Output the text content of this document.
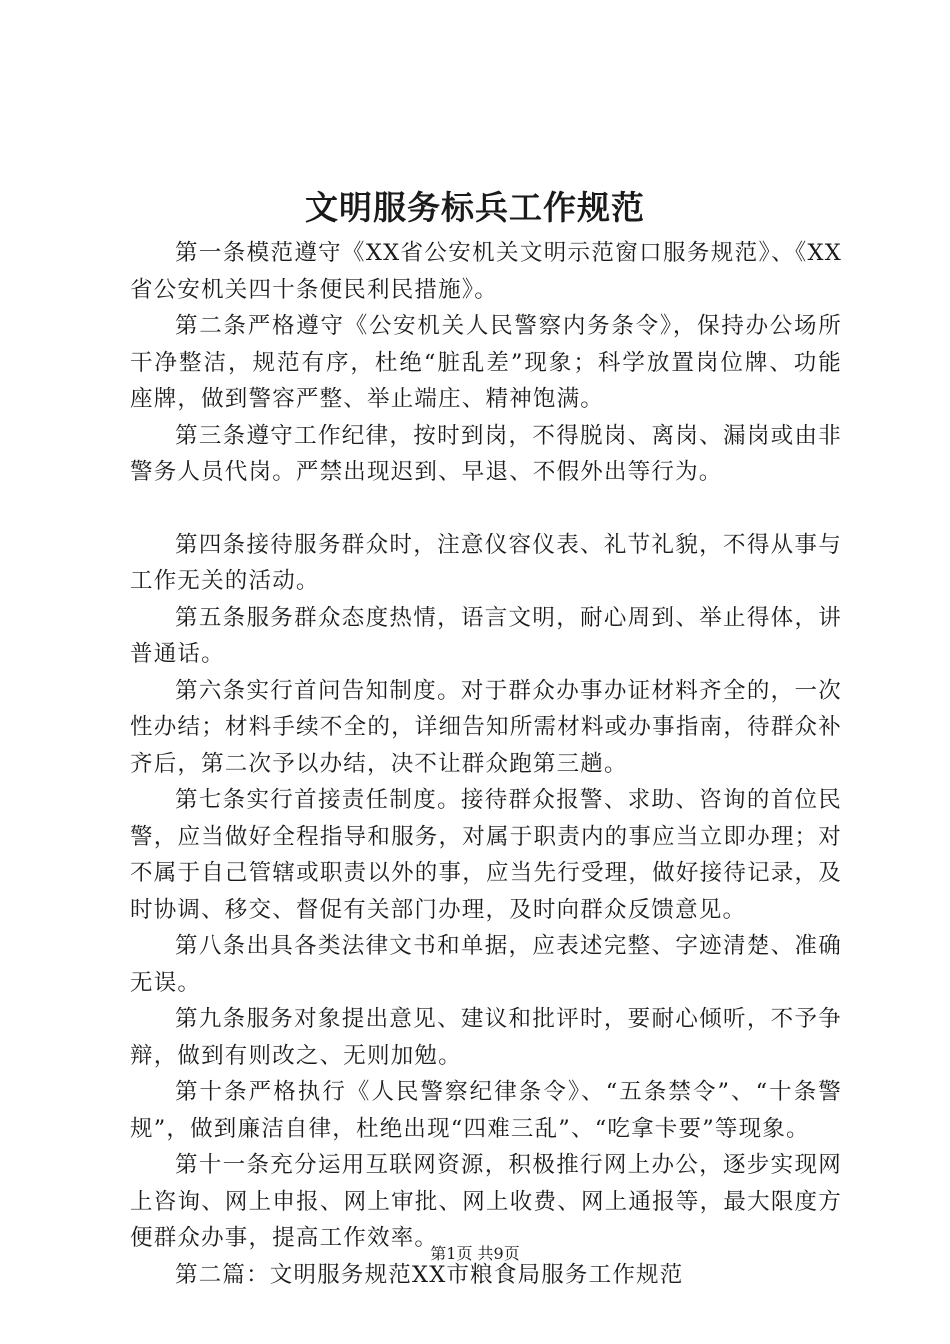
文明服务标兵工作规范

第一条模范遵守《XX省公安机关文明示范窗口服务规范》、《XX省公安机关四十条便民利民措施》。

第二条严格遵守《公安机关人民警察内务条令》，保持办公场所干净整洁，规范有序，杜绝“脏乱差”现象；科学放置岗位牌、功能座牌，做到警容严整、举止端庄、精神饱满。

第三条遵守工作纪律，按时到岗，不得脱岗、离岗、漏岗或由非警务人员代岗。严禁出现迟到、早退、不假外出等行为。

第四条接待服务群众时，注意仪容仪表、礼节礼貌，不得从事与工作无关的活动。

第五条服务群众态度热情，语言文明，耐心周到、举止得体，讲普通话。

第六条实行首问告知制度。对于群众办事办证材料齐全的，一次性办结；材料手续不全的，详细告知所需材料或办事指南，待群众补齐后，第二次予以办结，决不让群众跑第三趟。

第七条实行首接责任制度。接待群众报警、求助、咨询的首位民警，应当做好全程指导和服务，对属于职责内的事应当立即办理；对不属于自己管辖或职责以外的事，应当先行受理，做好接待记录，及时协调、移交、督促有关部门办理，及时向群众反馈意见。

第八条出具各类法律文书和单据，应表述完整、字迹清楚、准确无误。

第九条服务对象提出意见、建议和批评时，要耐心倾听，不予争辩，做到有则改之、无则加勉。

第十条严格执行《人民警察纪律条令》、“五条禁令”、“十条警规”，做到廉洁自律，杜绝出现“四难三乱”、“吃拿卡要”等现象。

第十一条充分运用互联网资源，积极推行网上办公，逐步实现网上咨询、网上申报、网上审批、网上收费、网上通报等，最大限度方便群众办事，提高工作效率。

第二篇：文明服务规范XX市粮食局服务工作规范

第1页 共9页
